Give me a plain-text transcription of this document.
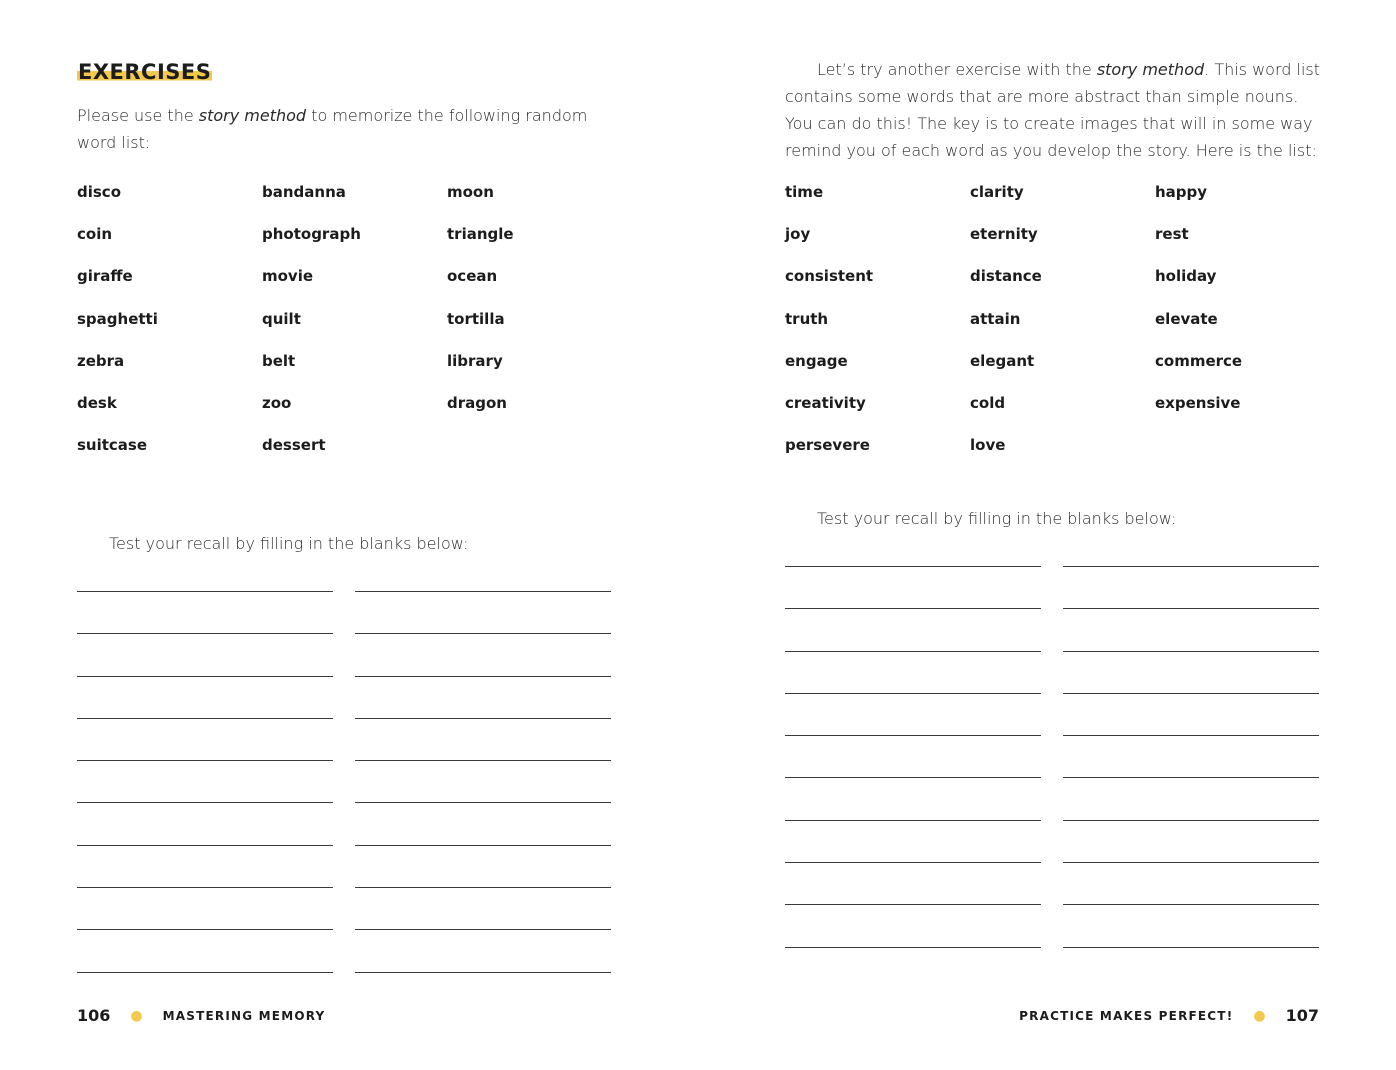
EXERCISES

Please use the story method to memorize the following random word list:

disco	bandanna	moon
coin	photograph	triangle
giraffe	movie	ocean
spaghetti	quilt	tortilla
zebra	belt	library
desk	zoo	dragon
suitcase	dessert

Test your recall by filling in the blanks below:

106 ● MASTERING MEMORY

Let’s try another exercise with the story method. This word list contains some words that are more abstract than simple nouns. You can do this! The key is to create images that will in some way remind you of each word as you develop the story. Here is the list:

time	clarity	happy
joy	eternity	rest
consistent	distance	holiday
truth	attain	elevate
engage	elegant	commerce
creativity	cold	expensive
persevere	love

Test your recall by filling in the blanks below:

PRACTICE MAKES PERFECT! ● 107
